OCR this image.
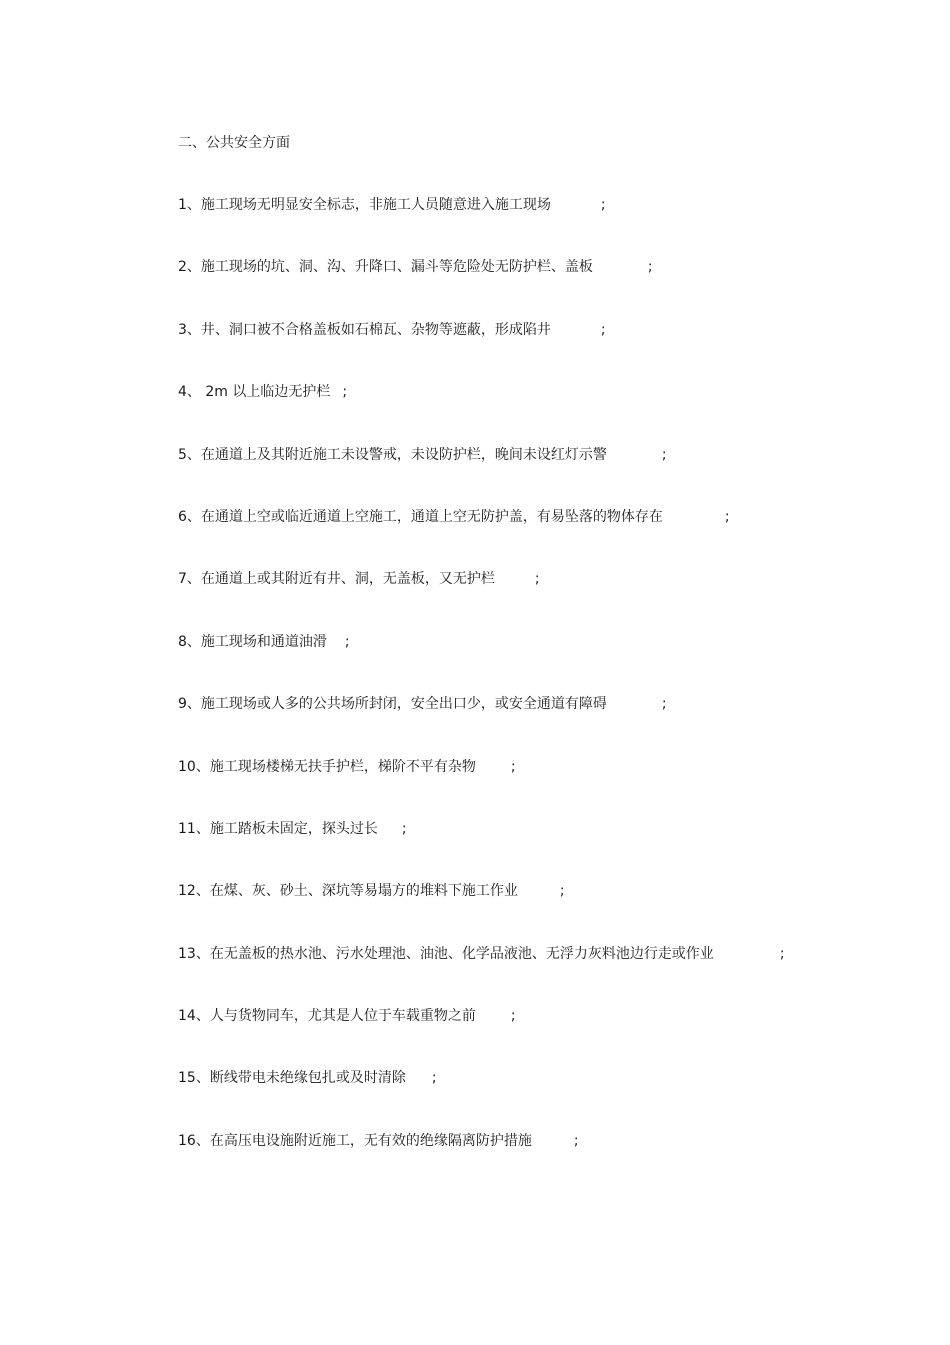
二、公共安全方面
1、施工现场无明显安全标志，非施工人员随意进入施工现场	;
2、施工现场的坑、洞、沟、升降口、漏斗等危险处无防护栏、盖板	;
3、井、洞口被不合格盖板如石棉瓦、杂物等遮蔽，形成陷井	;
4、 2m 以上临边无护栏 ;
5、在通道上及其附近施工未设警戒，未设防护栏，晚间未设红灯示警	;
6、在通道上空或临近通道上空施工，通道上空无防护盖，有易坠落的物体存在	;
7、在通道上或其附近有井、洞，无盖板，又无护栏	;
8、施工现场和通道油滑 ;
9、施工现场或人多的公共场所封闭，安全出口少，或安全通道有障碍	;
10、施工现场楼梯无扶手护栏，梯阶不平有杂物	;
11、施工踏板未固定，探头过长 ;
12、在煤、灰、砂土、深坑等易塌方的堆料下施工作业	;
13、在无盖板的热水池、污水处理池、油池、化学品液池、无浮力灰料池边行走或作业	;
14、人与货物同车，尤其是人位于车载重物之前	;
15、断线带电未绝缘包扎或及时清除 ;
16、在高压电设施附近施工，无有效的绝缘隔离防护措施	;
